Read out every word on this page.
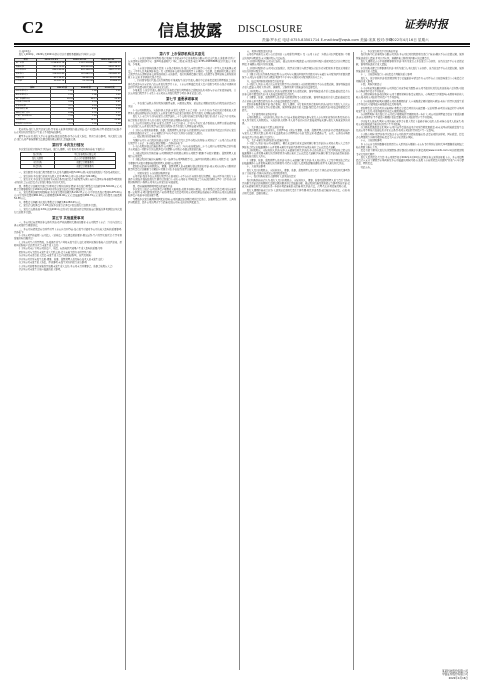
C2	信息披露 DISCLOSURE
责编:罗永红 电话:0755-83501714 E-mail:bw@zqsb.com 美编:宋真 校对:李晔
证券时报
2022年4月16日 星期六

(上接C1版)

发行人2019年、2020年及2021年经审计的主要财务数据如下(单位:万元):

项目	2021-12-31	2020-12-31	2019-12-31
资产总额	1,238,452.18	1,097,318.66	986,245.30
负债总额	742,113.52	655,920.41	590,118.27
所有者权益	496,338.66	441,398.25	396,127.03
营业收入	318,902.45	287,660.10	259,442.91
利润总额	42,118.37	38,905.22	35,017.84
净利润	35,920.14	33,126.48	29,866.05
指标	2021年度	2020年度	2019年度
流动比率(倍)	1.42	1.38	1.35
速动比率(倍)	1.10	1.06	1.02
资产负债率(%)	59.92	59.77	59.83
应收账款周转率	5.86	5.74	5.61
存货周转率	3.27	3.19	3.08
利息保障倍数	4.15	4.02	3.94
每股净资产(元)	6.48	5.76	5.17
净资产收益率(%)	7.24	7.50	7.54
毛利率(%)	24.36	24.12	23.88
研发投入占比(%)	3.21	3.05	2.96

报告期内,发行人经营状况良好,营业收入和净利润保持稳定增长,资产负债结构合理,偿债能力较强,不存在对持续经营能力产生重大不利影响的事项。

截至本公告日,发行人不存在逾期未偿还的债务,亦不存在重大诉讼、仲裁等或有事项。本次发行完成后,发行人将严格按照相关法律法规的规定履行信息披露义务。

第四节 本次发行情况

本次发行的保荐机构(主承销商)、发行人律师、审计机构及验资机构名称如下表所示:

保荐机构	中信证券股份有限公司
发行人律师	北京市中伦律师事务所
审计机构	天健会计师事务所
验资机构	天健会计师事务所

一、发行数量:本次发行股票数量为人民币普通股(A股)5,000万股,全部为新股发行,不涉及老股转让。

二、发行价格:本次发行价格为每股人民币18.50元,对应的市盈率为22.98倍。

三、发行方式:本次发行采用网下向符合条件的投资者询价配售与网上向持有深圳市场非限售A股股份市值的社会公众投资者定价发行相结合的方式进行。

四、募集资金总额及注册会计师对资金到位的验证情况:本次发行募集资金总额为92,500.00万元,天健会计师事务所已于2022年4月14日对本次发行的资金到位情况进行了审验。

五、发行费用总额及明细构成:本次发行费用总额为8,216.37万元,其中承销及保荐费用6,475.00万元,审计及验资费用980.00万元,律师费用420.00万元,信息披露费用286.79万元,发行手续费及其他费用54.58万元。

六、募集资金净额:本次发行募集资金净额为84,283.63万元。

七、发行后每股净资产:7.93元(按本次发行后净资产除以发行后总股本计算)。

八、发行后每股收益:0.81元(按2021年度经审计的扣除非经常性损益前后孰低的净利润除以本次发行后总股本计算)。

第五节 其他重要事项

一、本公司已向深圳证券交易所承诺,将严格按照相关规则的要求,在公司股票上市后三个月内尽快完善公司章程等规章制度。

二、本公司自招股意向书刊登日至上市公告书刊登前,没有发生可能对本公司有较大影响的重要事项,具体如下:

(一)本公司严格依照《公司法》、《证券法》等法律法规的要求,规范运作,生产经营状况正常,主营业务发展目标进展正常;

(二)本公司生产经营情况、外部条件或生产环境未发生重大变化,原材料采购价格和产品销售价格、原材料采购和产品销售方式等未发生重大变化;

(三)本公司未订立对公司的资产、负债、权益和经营成果产生重大影响的重要合同;

(四)本公司与关联方未发生重大关联交易,资金未被关联方非经营性占用;

(五)本公司未进行重大投资,未发生重大资产(或股权)购买、出售及置换;

(六)本公司住所未发生变更,董事、监事、高级管理人员及核心技术人员未发生变化;

(七)本公司未发生重大诉讼、仲裁事项,未发生对外担保等或有事项;

(八)本公司的财务状况和经营成果未发生重大变化,本公司未召开董事会、监事会和股东大会;

(九)本公司未发生其他应披露的重大事项。

第六节 上市保荐机构及其意见

一、上市保荐机构基本情况:保荐机构(主承销商):中信证券股份有限公司;法定代表人:张佑君;住所:广东省深圳市福田区中心三路8号卓越时代广场(二期)北座;联系电话:0755-23835888;保荐代表人:王某某、李某某。

二、上市保荐机构的推荐意见:上市保荐机构认为,发行人申请其股票上市符合《中华人民共和国公司法》、《中华人民共和国证券法》及《深圳证券交易所创业板股票上市规则》等法律、法规的相关规定,发行人股票具备在深圳证券交易所创业板上市的条件。保荐机构同意推荐发行人的股票在深圳证券交易所创业板上市交易,并承担相关保荐责任。

三、持续督导保荐代表人的具体情况:王某某先生,保荐代表人,现任中信证券投资银行管理委员会总监,曾负责或参与多家企业首次公开发行股票并上市、上市公司再融资及重大资产重组等项目,在保荐业务执业过程中严格遵守相关规定,执业记录良好。

李某某女士,保荐代表人,现任中信证券投资银行管理委员会高级副总裁,曾参与多家企业改制辅导、首次公开发行股票并上市及上市公司非公开发行股票等项目,执业记录良好。

第七节 重要承诺事项

一、本次发行前股东所持股份的限售安排、自愿锁定股份、延长锁定期限以及股东持股及减持意向等承诺

(一)公司控股股东、实际控制人承诺:自发行人股票上市之日起三十六个月内,不转让或者委托他人管理本人直接或间接持有的发行人公开发行股票前已发行的股份,也不由发行人回购该部分股份。

发行人上市后六个月内如发行人股票连续二十个交易日的收盘价均低于发行价,或者上市后六个月期末收盘价低于发行价,本人持有发行人股票的锁定期限自动延长六个月。

(二)公司其他股东承诺:自发行人股票上市之日起十二个月内,不转让或者委托他人管理其直接或间接持有的发行人公开发行股票前已发行的股份,也不由发行人回购该部分股份。

(三)持有公司股份的董事、监事、高级管理人员承诺:在任职期间每年转让的股份不超过其所持有发行人股份总数的百分之二十五;离职后半年内,不转让其所持有的发行人股份。

二、稳定股价的措施和承诺

为维护公司上市后股价的稳定,保护广大投资者尤其是中小股东的利益,公司制定了《公司首次公开发行股票并上市后三年内稳定股价预案》,具体内容如下:

(一)启动股价稳定措施的条件:公司股票上市后三年内,如出现连续二十个交易日公司股票收盘价均低于公司最近一期经审计的每股净资产的情形,公司将启动稳定股价的措施。

(二)稳定股价的具体措施:公司回购股票;控股股东增持公司股票;董事(不含独立董事)、高级管理人员增持公司股票。

(三)稳定股价措施的实施顺序:第一选择为公司回购股票,第二选择为控股股东增持公司股票,第三选择为董事(不含独立董事)和高级管理人员增持公司股票。

(四)约束措施:如控股股东、董事、高级管理人员未能履行稳定股价的承诺,则公司有权将与其拟增持股票所需资金总额相等金额的应付现金分红予以扣留,直至其履行增持义务。

三、对欺诈发行上市的股份购回承诺

公司承诺:保证本次公开发行股票并在创业板上市不存在任何欺诈发行的情形。如公司不符合发行上市条件,以欺骗手段骗取发行注册并已经发行上市的,公司将在中国证监会等有权部门确认后5个工作日内启动股份购回程序,购回公司本次公开发行的全部新股。

四、填补被摊薄即期回报的措施及承诺

本次发行完成后,公司的净资产规模将大幅增加,总股本亦相应增加。由于募集资金投资项目的实施需要一定时间,在项目建设期及投产初期,募集资金投资项目对公司业绩增长贡献较小,短期内公司的每股收益和净资产收益率可能出现下降。

为降低本次发行摊薄即期回报的影响,公司拟通过加快募投项目投资进度、加强募集资金管理、完善利润分配政策、提升公司治理水平等措施,提高公司未来的持续回报能力。

五、利润分配政策的承诺

公司将严格执行公司上市后适用的《公司章程(草案)》及《公司上市后三年股东分红回报规划》中规定的利润分配政策,充分维护股东合法权益。

(一)利润分配原则:公司实行连续、稳定的利润分配政策,公司的利润分配应重视对投资者的合理投资回报,并兼顾公司的可持续发展。

(二)利润分配形式:公司可以采取现金、股票或者现金与股票相结合的方式分配利润,并优先采用现金分红的利润分配方式。

(三)现金分红的具体条件和比例:在公司当年实现的净利润为正数且当年末累计未分配利润为正数的情况下,公司每年以现金方式分配的利润不少于当年实现的可分配利润的百分之十。

六、依法承担赔偿或赔偿责任的承诺

(一)发行人承诺:公司首次公开发行股票并在创业板上市的招股说明书不存在虚假记载、误导性陈述或者重大遗漏,公司对其真实性、准确性、完整性承担个别和连带的法律责任。

(二)控股股东、实际控制人承诺:如招股说明书有虚假记载、误导性陈述或者重大遗漏,致使投资者在证券交易中遭受损失的,本人将依法赔偿投资者损失。

(三)董事、监事、高级管理人员承诺:如招股说明书有虚假记载、误导性陈述或者重大遗漏,致使投资者在证券交易中遭受损失的,本人将依法赔偿投资者损失。

(四)证券服务机构承诺:保荐机构、发行人律师、审计机构及验资机构均承诺,如因其为发行人首次公开发行制作、出具的文件有虚假记载、误导性陈述或者重大遗漏,给投资者造成损失的,将依法赔偿投资者损失。

七、关于避免同业竞争的承诺

公司控股股东、实际控制人承诺:本人目前未直接或间接从事与发行人存在同业竞争的业务及活动;在本人作为发行人控股股东、实际控制人期间,本人将不以任何方式直接或间接从事与发行人构成竞争的业务。

八、关于规范和减少关联交易的承诺

公司控股股东、实际控制人、持股5%以上股东及董事、监事、高级管理人员承诺:将尽量避免和减少与发行人之间的关联交易,对于无法避免或有合理理由存在的关联交易,将遵循公平、公正、公开的市场原则,依法签订协议,履行合法程序。

九、关于未履行承诺时的约束措施的承诺

(一)发行人承诺:如公司未能履行、确已无法履行或无法按期履行相关承诺的,公司将在股东大会及中国证监会指定的披露媒体上公开说明未履行承诺的具体原因并向股东和社会公众投资者道歉。

(二)控股股东、实际控制人承诺:如本人未能履行相关承诺的,本人将在股东大会及中国证监会指定的披露媒体上公开说明未履行的具体原因并向股东和社会公众投资者道歉;因未履行相关承诺而获得收益的,所获收益归发行人所有。

(三)董事、监事、高级管理人员承诺:如本人未能履行相关承诺,本人将在股东大会及中国证监会指定的披露媒体上公开说明未履行的具体原因,并停止在发行人处领取薪酬或津贴,直至本人履行相关承诺。

十、其他承诺事项

发行人及其控股股东、实际控制人、董事、监事、高级管理人员等责任主体已就本次发行相关事项作出了其他承诺,具体内容详见公司招股说明书。

十一、保荐机构和发行人律师对上述承诺的意见

保荐机构经核查后认为,发行人及其控股股东、实际控制人、董事、监事及高级管理人员等责任主体出具的相关承诺已经按照相关法律法规的要求对信息披露违规、稳定股价措施及股份锁定等事项作出承诺,已就其未能履行相关承诺提出进一步的补救措施和约束措施,相关承诺合法、合理,失信补救措施及时有效。

发行人律师经核查后认为,上述承诺已由相关责任主体签署,相关承诺及约束措施的内容合法、有效,符合相关法律、法规的规定。

十二、本次发行相关中介机构的承诺

保荐机构中信证券股份有限公司承诺:本公司已对招股说明书进行了核查,确认不存在虚假记载、误导性陈述或重大遗漏,并对其真实性、准确性和完整性承担相应的法律责任。

发行人律师北京市中伦律师事务所承诺:本所为发行人本次发行上市制作、出具的文件不存在虚假记载、误导性陈述或者重大遗漏。

审计机构天健会计师事务所承诺:本所为发行人本次发行上市制作、出具的文件不存在虚假记载、误导性陈述或者重大遗漏。

十三、其他影响发行上市和投资者判断的重大事项

发行人、保荐机构承诺:除招股说明书等已披露的申请文件外,公司不存在其他影响发行上市和投资者判断的重大事项。

十四、风险因素提示

(一)市场竞争加剧的风险:公司所处行业竞争较为激烈,若公司不能持续进行技术创新和产品升级,可能在市场竞争中处于不利地位。

(二)原材料价格波动的风险:公司主要原材料价格受宏观经济、市场供需等因素影响,若原材料价格大幅上涨,将对公司的经营业绩产生不利影响。

(三)应收账款回收风险:随着公司业务规模的扩大,应收账款余额可能相应增加,若客户经营状况发生重大不利变化,可能导致应收账款无法及时收回。

(四)募集资金投资项目实施风险:募集资金投资项目的实施需要一定的时间,若项目实施过程中市场环境发生重大变化,可能导致项目无法实现预期收益。

(五)管理风险:本次发行后,公司资产规模和经营规模将进一步扩大,对公司的管理能力提出了更高的要求,若公司管理水平不能适应规模扩张的需要,将对公司的经营产生不利影响。

(六)技术人员流失风险:公司的核心竞争力在很大程度上依赖于核心技术人员,若核心技术人员流失,将对公司的研发能力和持续经营产生不利影响。

(七)税收优惠政策变化风险:公司目前享受高新技术企业所得税优惠政策,若未来国家税收政策发生变化或公司不再符合高新技术企业认定条件,将对公司的经营业绩产生一定影响。

(八)股市风险:股票价格不仅取决于公司的经营业绩和发展前景,还受宏观经济形势、国家政策、投资者心理预期等多种因素影响,投资者应充分认识股市风险。

十五、其他说明事项

本上市公告书所列数据可能因四舍五入原因而与根据上市公告书中所列示的相关单项数据直接相加之和在尾数上略有差异。

投资者欲了解本次发行的详细情况,请仔细阅读刊载于巨潮资讯网(www.cninfo.com.cn)的招股说明书全文及相关附件。

发行人提请投资者注意:本公司股票将于2022年4月19日在深圳证券交易所创业板上市。本公司提醒投资者应充分了解股票市场风险及本公司披露的风险因素,在新股上市初期切忌盲目跟风"炒新",应当审慎决策、理性投资。

特此公告。

某某科技股份有限公司
中信证券股份有限公司
2022年4月16日
